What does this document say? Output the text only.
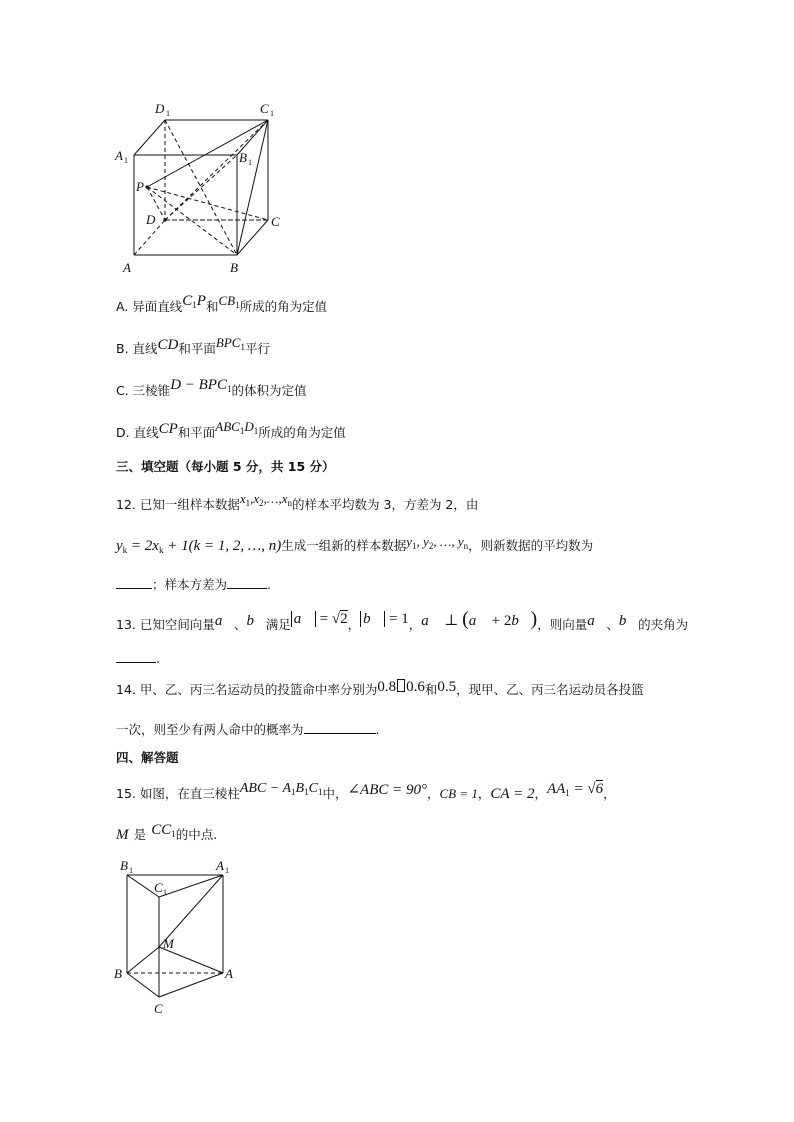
D 1	C 1
A 1	B 1
P
D	C
A	B
A. 异面直线$C_1P$和$^{CB_1}$所成的角为定值
B. 直线CD和平面$^{BPC_1}$平行
C. 三棱锥$D - BPC_1$的体积为定值
D. 直线CP和平面$^{ABC_1D_1}$所成的角为定值
三、填空题（每小题 5 分，共 15 分）
12. 已知一组样本数据$^{x_1,x_2,\dots,x_n}$的样本平均数为 3，方差为 2，由
$y_k = 2x_k + 1(k = 1$, 2, …, n)生成一组新的样本数据$^{y_1, y_2, \dots, y_n}$，则新数据的平均数为
；样本方差为	.
13. 已知空间向量a⃗、b⃗满足 a⃗ = √2， b⃗ = 1，a⃗ ⊥ (a⃗ + 2b⃗)，则向量a⃗、b⃗的夹角为
.
14. 甲、乙、丙三名运动员的投篮命中率分别为0.8 0.6和0.5，现甲、乙、丙三名运动员各投篮
一次，则至少有两人命中的概率为	.
四、解答题
15. 如图，在直三棱柱ABC − $A_1B_1C_1$中，∠ABC = 90°，CB = 1，CA = 2，$AA_1 = √6$，
M 是 $CC_1$的中点.
B 1	A 1
C 1
M
B	A
C
